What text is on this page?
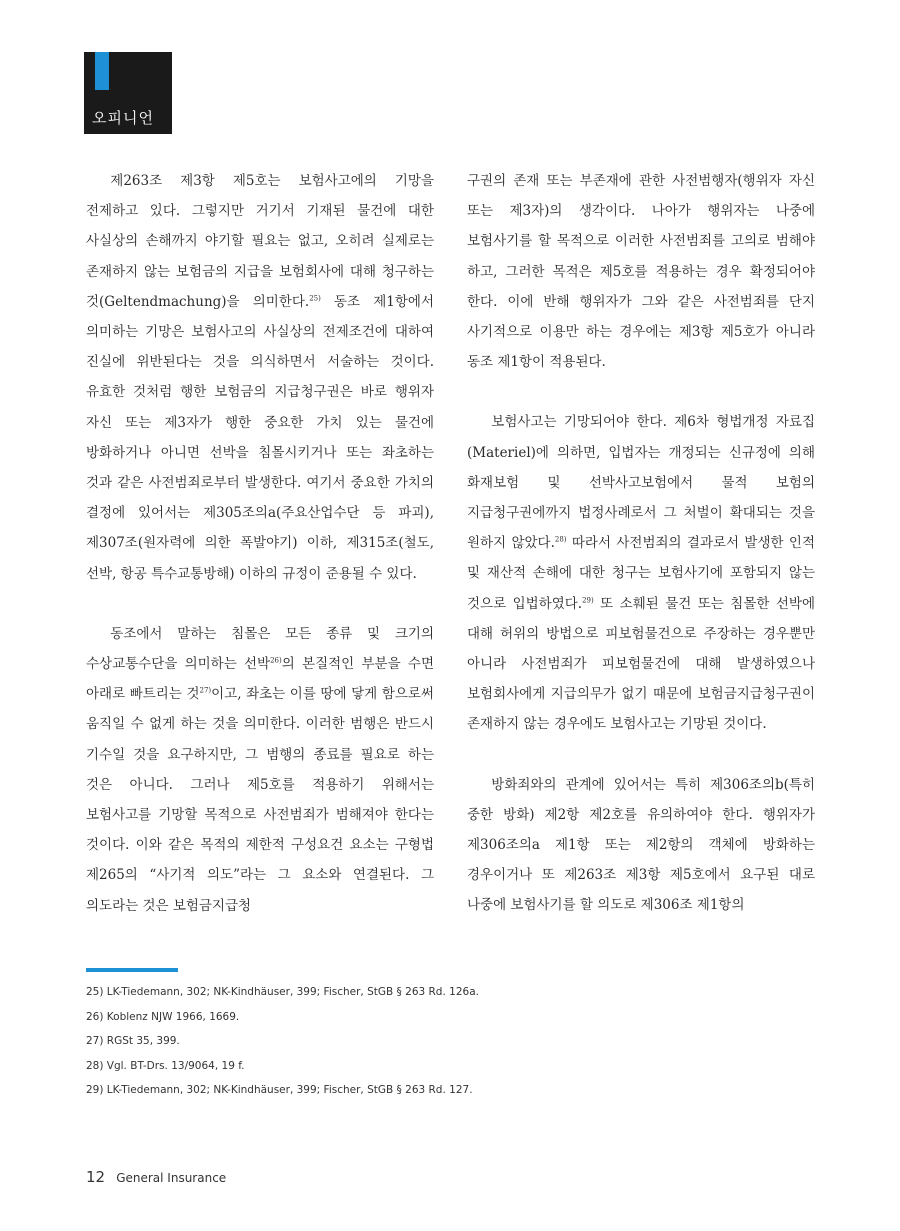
오피니언

제263조 제3항 제5호는 보험사고에의 기망을 전제하고 있다. 그렇지만 거기서 기재된 물건에 대한 사실상의 손해까지 야기할 필요는 없고, 오히려 실제로는 존재하지 않는 보험금의 지급을 보험회사에 대해 청구하는 것(Geltendmachung)을 의미한다.$^{25)}$ 동조 제1항에서 의미하는 기망은 보험사고의 사실상의 전제조건에 대하여 진실에 위반된다는 것을 의식하면서 서술하는 것이다. 유효한 것처럼 행한 보험금의 지급청구권은 바로 행위자 자신 또는 제3자가 행한 중요한 가치 있는 물건에 방화하거나 아니면 선박을 침몰시키거나 또는 좌초하는 것과 같은 사전범죄로부터 발생한다. 여기서 중요한 가치의 결정에 있어서는 제305조의a(주요산업수단 등 파괴), 제307조(원자력에 의한 폭발야기) 이하, 제315조(철도, 선박, 항공 특수교통방해) 이하의 규정이 준용될 수 있다.

동조에서 말하는 침몰은 모든 종류 및 크기의 수상교통수단을 의미하는 선박$^{26)}$의 본질적인 부분을 수면 아래로 빠트리는 것$^{27)}$이고, 좌초는 이를 땅에 닿게 함으로써 움직일 수 없게 하는 것을 의미한다. 이러한 범행은 반드시 기수일 것을 요구하지만, 그 범행의 종료를 필요로 하는 것은 아니다. 그러나 제5호를 적용하기 위해서는 보험사고를 기망할 목적으로 사전범죄가 범해져야 한다는 것이다. 이와 같은 목적의 제한적 구성요건 요소는 구형법 제265의 “사기적 의도”라는 그 요소와 연결된다. 그 의도라는 것은 보험금지급청

구권의 존재 또는 부존재에 관한 사전범행자(행위자 자신 또는 제3자)의 생각이다. 나아가 행위자는 나중에 보험사기를 할 목적으로 이러한 사전범죄를 고의로 범해야 하고, 그러한 목적은 제5호를 적용하는 경우 확정되어야 한다. 이에 반해 행위자가 그와 같은 사전범죄를 단지 사기적으로 이용만 하는 경우에는 제3항 제5호가 아니라 동조 제1항이 적용된다.

보험사고는 기망되어야 한다. 제6차 형법개정 자료집(Materiel)에 의하면, 입법자는 개정되는 신규정에 의해 화재보험 및 선박사고보험에서 물적 보험의 지급청구권에까지 법정사례로서 그 처벌이 확대되는 것을 원하지 않았다.$^{28)}$ 따라서 사전범죄의 결과로서 발생한 인적 및 재산적 손해에 대한 청구는 보험사기에 포함되지 않는 것으로 입법하였다.$^{29)}$ 또 소훼된 물건 또는 침몰한 선박에 대해 허위의 방법으로 피보험물건으로 주장하는 경우뿐만 아니라 사전범죄가 피보험물건에 대해 발생하였으나 보험회사에게 지급의무가 없기 때문에 보험금지급청구권이 존재하지 않는 경우에도 보험사고는 기망된 것이다.

방화죄와의 관계에 있어서는 특히 제306조의b(특히 중한 방화) 제2항 제2호를 유의하여야 한다. 행위자가 제306조의a 제1항 또는 제2항의 객체에 방화하는 경우이거나 또 제263조 제3항 제5호에서 요구된 대로 나중에 보험사기를 할 의도로 제306조 제1항의

25) LK-Tiedemann, 302; NK-Kindhäuser, 399; Fischer, StGB § 263 Rd. 126a.
26) Koblenz NJW 1966, 1669.
27) RGSt 35, 399.
28) Vgl. BT-Drs. 13/9064, 19 f.
29) LK-Tiedemann, 302; NK-Kindhäuser, 399; Fischer, StGB § 263 Rd. 127.
12 General Insurance
